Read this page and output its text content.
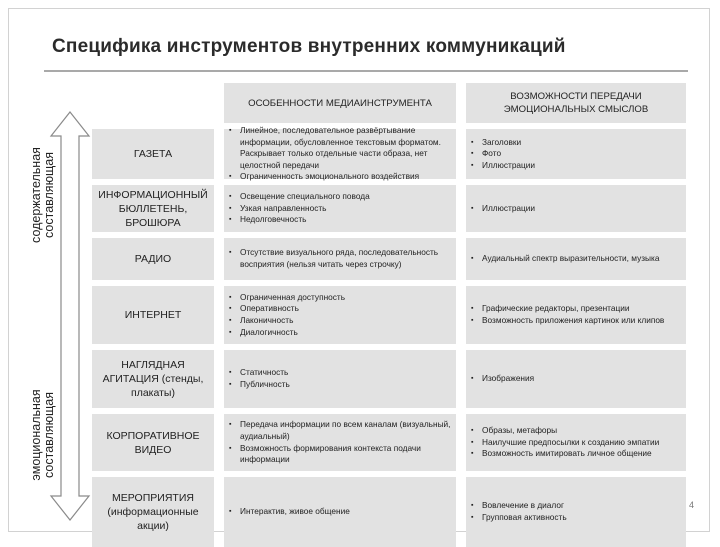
Специфика инструментов внутренних коммуникаций
содержательная составляющая
эмоциональная составляющая
ОСОБЕННОСТИ МЕДИАИНСТРУМЕНТА
ВОЗМОЖНОСТИ ПЕРЕДАЧИ ЭМОЦИОНАЛЬНЫХ СМЫСЛОВ
ГАЗЕТА
▪ Линейное, последовательное развёртывание информации, обусловленное текстовым форматом. Раскрывает только отдельные части образа, нет целостной передачи
▪ Ограниченность эмоционального воздействия
▪ Заголовки
▪ Фото
▪ Иллюстрации
ИНФОРМАЦИОННЫЙ БЮЛЛЕТЕНЬ, БРОШЮРА
▪ Освещение специального повода
▪ Узкая направленность
▪ Недолговечность
▪ Иллюстрации
РАДИО
▪ Отсутствие визуального ряда, последовательность восприятия (нельзя читать через строчку)
▪ Аудиальный спектр выразительности, музыка
ИНТЕРНЕТ
▪ Ограниченная доступность
▪ Оперативность
▪ Лаконичность
▪ Диалогичность
▪ Графические редакторы, презентации
▪ Возможность приложения картинок или клипов
НАГЛЯДНАЯ АГИТАЦИЯ (стенды, плакаты)
▪ Статичность
▪ Публичность
▪ Изображения
КОРПОРАТИВНОЕ ВИДЕО
▪ Передача информации по всем каналам (визуальный, аудиальный)
▪ Возможность формирования контекста подачи информации
▪ Образы, метафоры
▪ Наилучшие предпосылки к созданию эмпатии
▪ Возможность имитировать личное общение
МЕРОПРИЯТИЯ (информационные акции)
▪ Интерактив, живое общение
▪ Вовлечение в диалог
▪ Групповая активность
4
